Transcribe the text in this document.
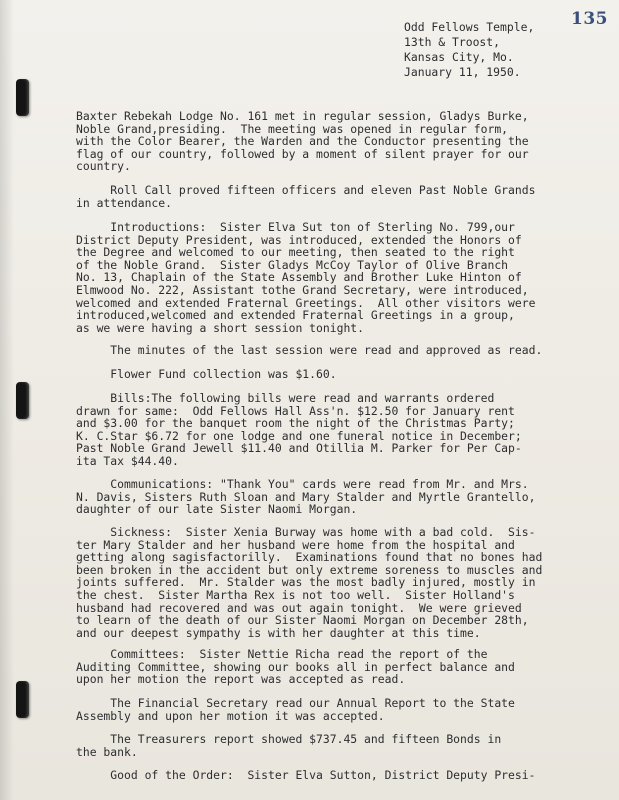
135
Odd Fellows Temple,
13th & Troost,
Kansas City, Mo.
January 11, 1950.
Baxter Rebekah Lodge No. 161 met in regular session, Gladys Burke,
Noble Grand,presiding.  The meeting was opened in regular form,
with the Color Bearer, the Warden and the Conductor presenting the
flag of our country, followed by a moment of silent prayer for our
country.
Roll Call proved fifteen officers and eleven Past Noble Grands
in attendance.
Introductions:  Sister Elva Sut ton of Sterling No. 799,our
District Deputy President, was introduced, extended the Honors of
the Degree and welcomed to our meeting, then seated to the right
of the Noble Grand.  Sister Gladys McCoy Taylor of Olive Branch
No. 13, Chaplain of the State Assembly and Brother Luke Hinton of
Elmwood No. 222, Assistant tothe Grand Secretary, were introduced,
welcomed and extended Fraternal Greetings.  All other visitors were
introduced,welcomed and extended Fraternal Greetings in a group,
as we were having a short session tonight.
The minutes of the last session were read and approved as read.
Flower Fund collection was $1.60.
Bills:The following bills were read and warrants ordered
drawn for same:  Odd Fellows Hall Ass'n. $12.50 for January rent
and $3.00 for the banquet room the night of the Christmas Party;
K. C.Star $6.72 for one lodge and one funeral notice in December;
Past Noble Grand Jewell $11.40 and Otillia M. Parker for Per Cap-
ita Tax $44.40.
Communications: "Thank You" cards were read from Mr. and Mrs.
N. Davis, Sisters Ruth Sloan and Mary Stalder and Myrtle Grantello,
daughter of our late Sister Naomi Morgan.
Sickness:  Sister Xenia Burway was home with a bad cold.  Sis-
ter Mary Stalder and her husband were home from the hospital and
getting along sagisfactorilly.  Examinations found that no bones had
been broken in the accident but only extreme soreness to muscles and
joints suffered.  Mr. Stalder was the most badly injured, mostly in
the chest.  Sister Martha Rex is not too well.  Sister Holland's
husband had recovered and was out again tonight.  We were grieved
to learn of the death of our Sister Naomi Morgan on December 28th,
and our deepest sympathy is with her daughter at this time.
Committees:  Sister Nettie Richa read the report of the
Auditing Committee, showing our books all in perfect balance and
upon her motion the report was accepted as read.
The Financial Secretary read our Annual Report to the State
Assembly and upon her motion it was accepted.
The Treasurers report showed $737.45 and fifteen Bonds in
the bank.
Good of the Order:  Sister Elva Sutton, District Deputy Presi-
